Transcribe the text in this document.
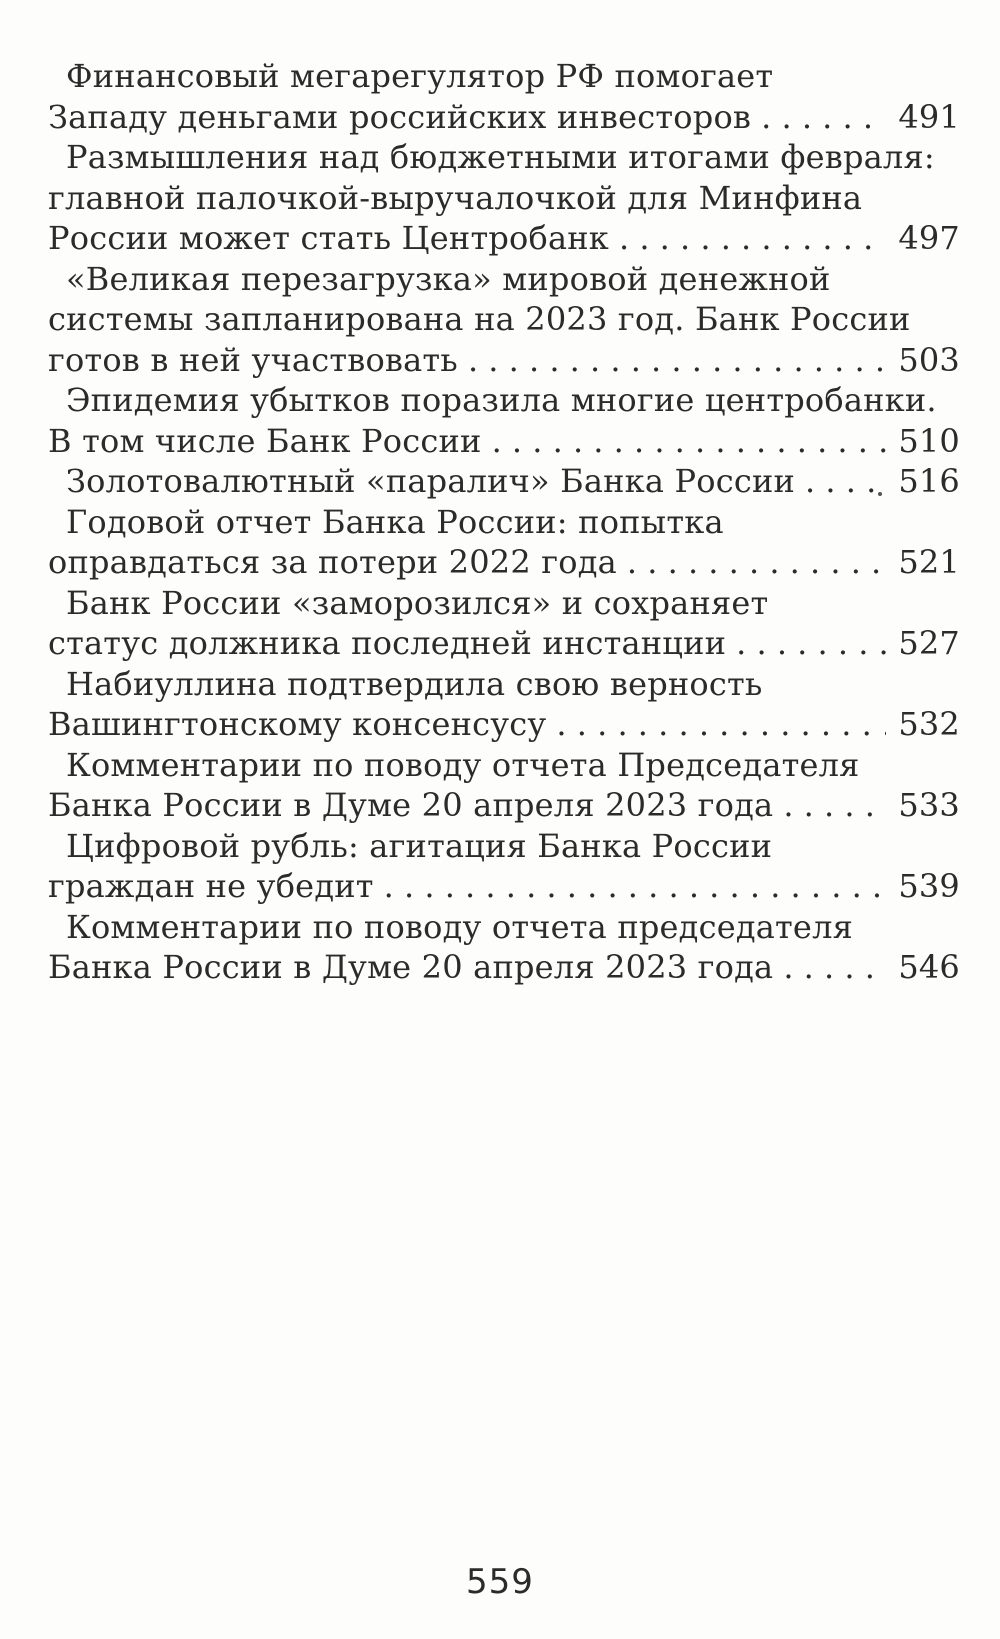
Финансовый мегарегулятор РФ помогает
Западу деньгами российских инвесторов . . .	491
Размышления над бюджетными итогами февраля:
главной палочкой-выручалочкой для Минфина
России может стать Центробанк . . .	497
«Великая перезагрузка» мировой денежной
системы запланирована на 2023 год. Банк России
готов в ней участвовать . . .	503
Эпидемия убытков поразила многие центробанки.
В том числе Банк России . . .	510
Золотовалютный «паралич» Банка России . . .	516
Годовой отчет Банка России: попытка
оправдаться за потери 2022 года . . .	521
Банк России «заморозился» и сохраняет
статус должника последней инстанции . . .	527
Набиуллина подтвердила свою верность
Вашингтонскому консенсусу . . .	532
Комментарии по поводу отчета Председателя
Банка России в Думе 20 апреля 2023 года . . .	533
Цифровой рубль: агитация Банка России
граждан не убедит . . .	539
Комментарии по поводу отчета председателя
Банка России в Думе 20 апреля 2023 года . . .	546
559
